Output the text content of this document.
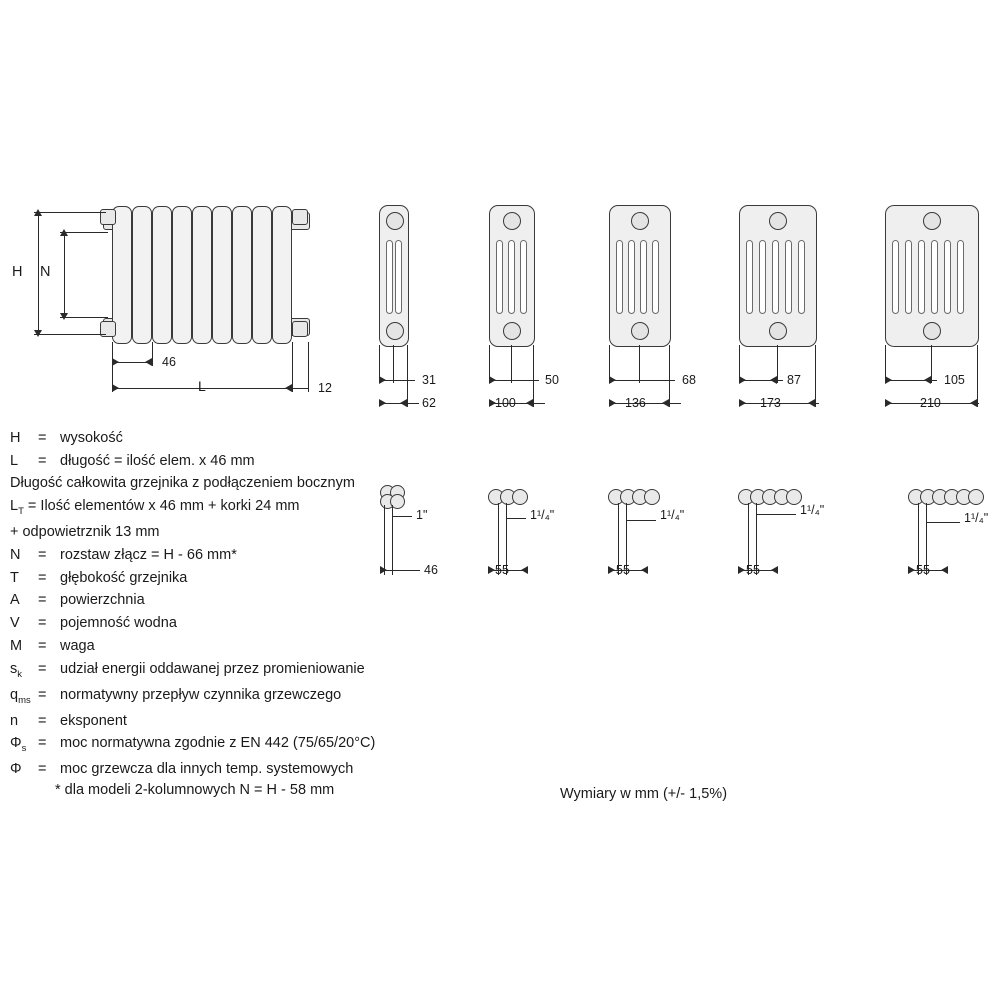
H N
46
L	12
31
62
50
100
68
136
87
173
105
210
1"
46
1¹/₄"
55
1¹/₄"
55
1¹/₄"
55
1¹/₄"
55
H	= wysokość
L	= długość = ilość elem. x 46 mm
Długość całkowita grzejnika z podłączeniem bocznym
$L_T$ = Ilość elementów x 46 mm + korki 24 mm
+ odpowietrznik 13 mm
N	= rozstaw złącz = H - 66 mm*
T	= głębokość grzejnika
A	= powierzchnia
V	= pojemność wodna
M	= waga
$s_k$	= udział energii oddawanej przez promieniowanie
$q_{ms}$ = normatywny przepływ czynnika grzewczego
n	= eksponent
$\Phi_s$ = moc normatywna zgodnie z EN 442 (75/65/20°C)
Φ	= moc grzewcza dla innych temp. systemowych
* dla modeli 2-kolumnowych N = H - 58 mm	Wymiary w mm (+/- 1,5%)
